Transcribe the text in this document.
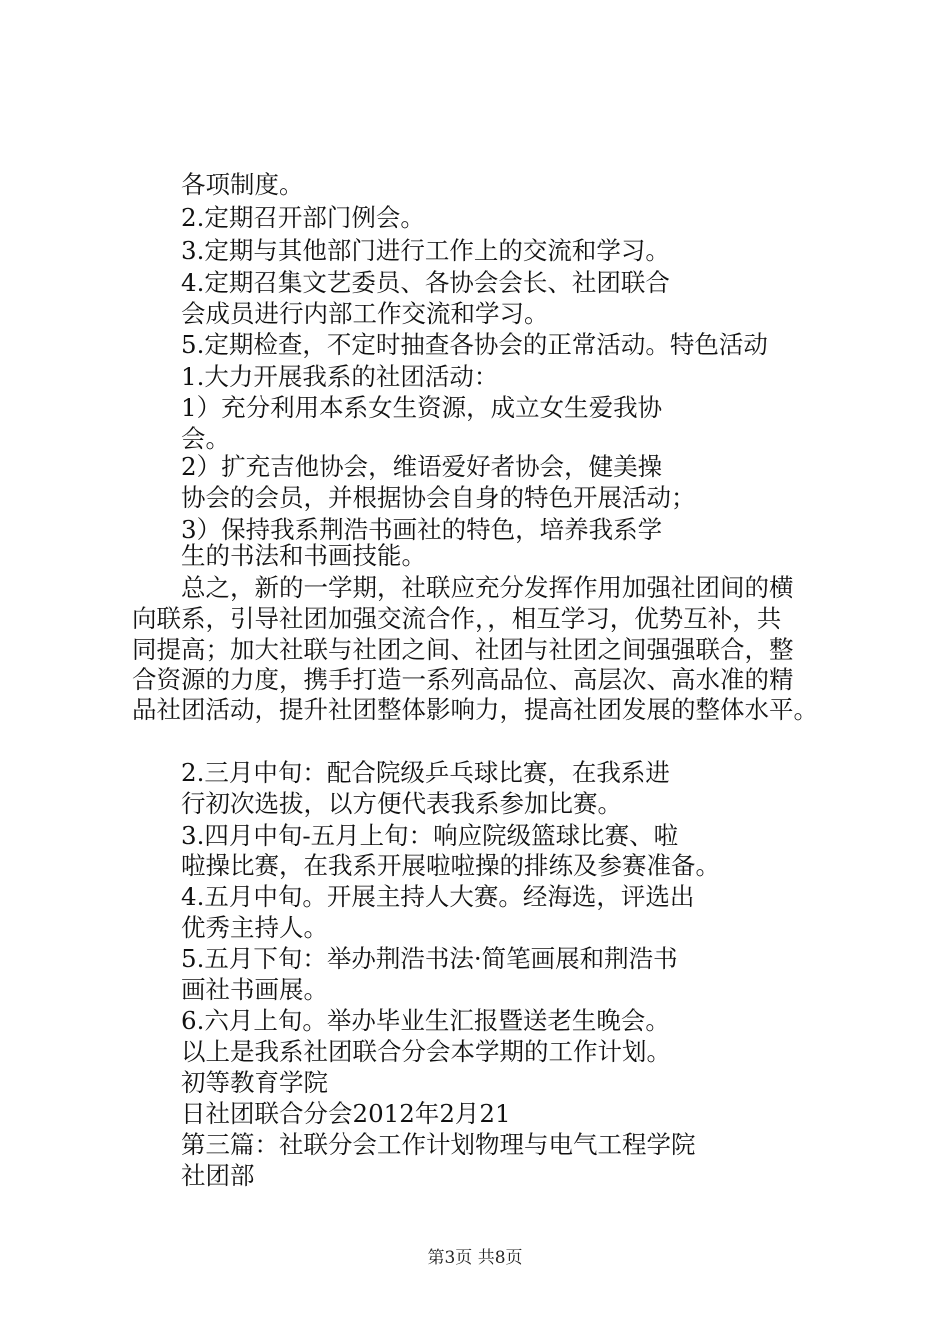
各项制度。
2.定期召开部门例会。
3.定期与其他部门进行工作上的交流和学习。
4.定期召集文艺委员、各协会会长、社团联合
会成员进行内部工作交流和学习。
5.定期检查，不定时抽查各协会的正常活动。特色活动
1.大力开展我系的社团活动：
1）充分利用本系女生资源，成立女生爱我协
会。
2）扩充吉他协会，维语爱好者协会，健美操
协会的会员，并根据协会自身的特色开展活动；
3）保持我系荆浩书画社的特色，培养我系学
生的书法和书画技能。
总之，新的一学期，社联应充分发挥作用加强社团间的横
向联系，引导社团加强交流合作，，相互学习，优势互补，共
同提高；加大社联与社团之间、社团与社团之间强强联合，整
合资源的力度，携手打造一系列高品位、高层次、高水准的精
品社团活动，提升社团整体影响力，提高社团发展的整体水平。
2.三月中旬：配合院级乒乓球比赛，在我系进
行初次选拔，以方便代表我系参加比赛。
3.四月中旬-五月上旬：响应院级篮球比赛、啦
啦操比赛，在我系开展啦啦操的排练及参赛准备。
4.五月中旬。开展主持人大赛。经海选，评选出
优秀主持人。
5.五月下旬：举办荆浩书法·简笔画展和荆浩书
画社书画展。
6.六月上旬。举办毕业生汇报暨送老生晚会。
以上是我系社团联合分会本学期的工作计划。
初等教育学院
日社团联合分会2012年2月21
第三篇：社联分会工作计划物理与电气工程学院
社团部
第3页 共8页
